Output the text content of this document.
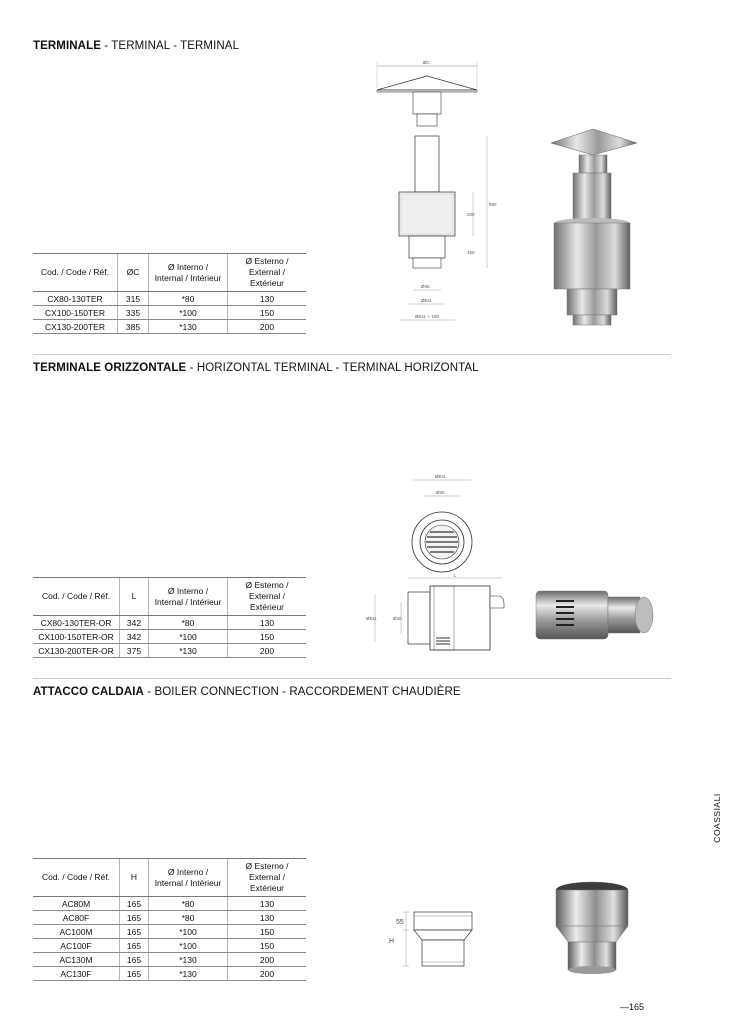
TERMINALE - TERMINAL - TERMINAL
Cod. / Code / Réf.	ØC	Ø Interno /
Internal / Intérieur	Ø Esterno /
External / Extérieur
CX80-130TER	315	*80	130
CX100-150TER	335	*100	150
CX130-200TER	385	*130	200
ØC
580
200
150
ØInt.
ØExt.
ØExt. + 100
TERMINALE ORIZZONTALE - HORIZONTAL TERMINAL - TERMINAL HORIZONTAL
ØExt.
ØInt.
Cod. / Code / Réf.	L	Ø Interno /
Internal / Intérieur	Ø Esterno /
External / Extérieur
CX80-130TER-OR	342	*80	130
CX100-150TER-OR	342	*100	150
CX130-200TER-OR	375	*130	200
L
ØExt.	ØInt.
ATTACCO CALDAIA - BOILER CONNECTION - RACCORDEMENT CHAUDIÈRE
Cod. / Code / Réf.	H	Ø Interno /
Internal / Intérieur	Ø Esterno /
External / Extérieur
AC80M	165	*80	130
AC80F	165	*80	130
AC100M	165	*100	150
AC100F	165	*100	150
AC130M	165	*130	200
AC130F	165	*130	200
55
H
COASSIALI
—165
